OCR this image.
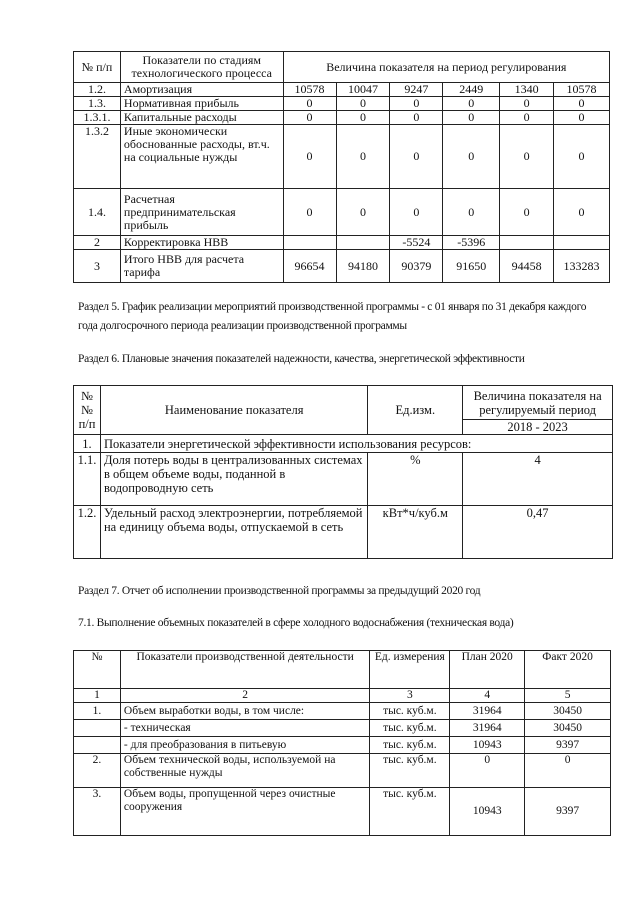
№ п/п	Показатели по стадиям технологического процесса	Величина показателя на период регулирования					
1.2.	Амортизация	10578	10047	9247	2449	1340	10578
1.3.	Нормативная прибыль	0	0	0	0	0	0
1.3.1.	Капитальные расходы	0	0	0	0	0	0
1.3.2	Иные экономически обоснованные расходы, вт.ч. на социальные нужды	0	0	0	0	0	0
1.4.	Расчетная предпринимательская прибыль	0	0	0	0	0	0
2	Корректировка НВВ			-5524	-5396		
3	Итого НВВ для расчета тарифа	96654	94180	90379	91650	94458	133283

Раздел 5. График реализации мероприятий производственной программы - с 01 января по 31 декабря каждого

года долгосрочного периода реализации производственной программы

Раздел 6. Плановые значения показателей надежности, качества, энергетической эффективности

№№ п/п	Наименование показателя	Ед.изм.	Величина показателя на регулируемый период
			2018 - 2023
1.	Показатели энергетической эффективности использования ресурсов:		
1.1.	Доля потерь воды в централизованных системах в общем объеме воды, поданной в водопроводную сеть	%	4
1.2.	Удельный расход электроэнергии, потребляемой на единицу объема воды, отпускаемой в сеть	кВт*ч/куб.м	0,47

Раздел 7. Отчет об исполнении производственной программы за предыдущий 2020 год

7.1. Выполнение объемных показателей в сфере холодного водоснабжения (техническая вода)

№	Показатели производственной деятельности	Ед. измерения	План 2020	Факт 2020
1	2	3	4	5
1.	Объем выработки воды, в том числе:	тыс. куб.м.	31964	30450
	- техническая	тыс. куб.м.	31964	30450
	- для преобразования в питьевую	тыс. куб.м.	10943	9397
2.	Объем технической воды, используемой на собственные нужды	тыс. куб.м.	0	0
3.	Объем воды, пропущенной через очистные сооружения	тыс. куб.м.	10943	9397
